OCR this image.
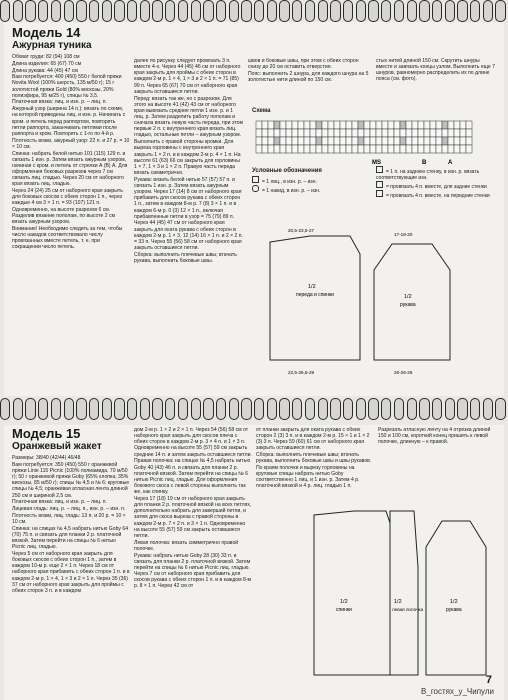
Модель 14
Ажурная туника

Обхват груди: 82 (94) 108 см

Длина изделия: 65 (67) 70 см

Длина рукава: 44 (45) 47 см

Вам потребуется: 400 (450) 550 г белой пряжи Novita Wool (100% шерсть, 135 м/50 г); 15 г золотистой пряжи Gold (80% вискозы, 20% полиэфира, 95 м/25 г), спицы № 3,5.

Платочная вязка: лиц. и изн. р. – лиц. п.

Ажурный узор (ширина 14 п.): вязать по схеме, на которой приведены лиц. и изн. р. Начинать с кром. и петель перед раппортом, повторять петли раппорта, заканчивать петлями после раппорта и кром. Повторять с 1-го по 4-й р.

Плотность вязки, ажурный узор: 22 п. и 27 р. = 10 × 10 см.

Спинка: набрать белой нитью 101 (115) 129 п. и связать 1 изн. р. Затем вязать ажурным узором, начиная с кром. и петель от стрелки А (В) А. Для оформления боковых разрезов через 7 см связать лиц. гладью. Через 20 см от наборного края вязать лиц. гладью.

Через 24 (24) 25 см от наборного края закрыть для боковых скосов с обеих сторон 1 п., через каждые 4 см 3 × 1 п. = 93 (107) 121 п. Одновременно, на высоте разрезов 6 см. Разделив вязание пополам, по высоте 2 см вязать ажурным узором.

Внимание! Необходимо следить за тем, чтобы число накидов соответствовало числу провязанных вместе петель, т. е. при сокращении число петель.

далее по рисунку следует провязать 3 п. вместе 4-х. Через 44 (45) 46 см от наборного края закрыть для проймы с обеих сторон в каждом 2-м р. 1 × 4, 1 × 3 и 2 × 1 п. = 71 (85) 99 п. Через 65 (67) 70 см от наборного края закрыть оставшиеся петли.

Перед: вязать так же, но с разрезом. Для этого на высоте 41 (42) 43 см от наборного края вывязать средние петли 1 изн. р. и 1 лиц. р. Затем разделить работу пополам и сначала вязать левую часть переда, при этом первые 2 п. с внутреннего края вязать лиц. гладью, остальные петли – ажурным узором.

Выполнить с правой стороны кромки. Для выреза горловины с внутреннего края закрыть 1 × 2 п. и в каждом 2-м р. 4 × 1 п. На высоте 61 (63) 66 см закрыть для горловины 1 × 7, 1 × 3 и 1 × 2 п. Правую часть переда вязать симметрично.

Рукава: вязать белой нитью 57 (57) 57 п. и связать 1 изн. р. Затем вязать ажурным узором. Через 17 (14) 8 см от наборного края прибавить для скосов рукава с обеих сторон 1 п., затем в каждом 8-м р. 7 (8) 3 × 1 п. и в каждом 6-м р. 0 (3) 12 × 1 п., включая прибавленные петли в узор = 75 (79) 89 п.

Через 44 (45) 47 см от наборного края закрыть для оката рукава с обеих сторон в каждом 2-м р. 1 × 3, 12 (14) 16 × 1 п. и 2 × 2 п. = 33 п. Через 55 (56) 58 см от наборного края закрыть оставшиеся петли.

Сборка: выполнить плечевые швы; втачать рукава, выполнить боковые швы.

швов и боковые швы, при этом с обеих сторон снизу до 20 см оставить отверстия.

Пояс: выполнить 2 шнура, для каждого шнура на 5 золотистые нити длиной по 150 см.

стых нитей длиной 150 см. Скрутить шнуры вместе и завязать концы узлом. Выполнить еще 7 шнуров, равномерно распределить их по длине пояса (см. фото).

Схема
MS	B	A
Условные обозначения
= 1 лиц., в изн. р. – изн.
= 1 накид, в изн. р. – изн.
= 1 п. на заднюю стенку, в изн. р. вязать соответствующие изн.
= провязать 4 п. вместе, для задние стенки
= провязать 4 п. вместе, на передние стенки
1/2
переда и спинки
20,5-23,5-27
22,5-26,5-29
1/2
рукава
17-18-20
26-26-26
Модель 15
Оранжевый жакет

Размеры: 38/40 (42/44) 46/48

Вам потребуется: 350 (450) 550 г оранжевой пряжи Linie 115 Picnic (100% полиамида, 70 м/50 г); 50 г оранжевой пряжи Goby (65% хлопка, 35% вискозы, 85 м/50 г); спицы № 4,5 и № 6; круговые спицы № 4,5; оранжевая атласная лента длиной 250 см и шириной 2,5 см.

Платочная вязка: лиц. и изн. р. – лиц. п.

Лицевая гладь: лиц. р. – лиц. п., изн. р. – изн. п.

Плотность вязки, лиц. гладь: 13 п. и 20 р. = 10 × 10 см.

Спинка: на спицах № 4,5 набрать нитью Goby 64 (70) 75 п. и связать для планки 2 р. платочной вязкой. Затем перейти на спицы № 6 нитью Picnic лиц. гладью.

Через 5 см от наборного края закрыть для боковых скосов с обеих сторон 1 п., затем в каждом 10-м р. еще 2 × 1 п. Через 18 см от наборного края прибавить с обеих сторон 1 п. и в каждом 2-м р. 1 × 4, 1 × 3 и 2 × 1 п. Через 35 (36) 37 см от наборного края закрыть для проймы с обеих сторон 3 п. и в каждом

дом 2-м р. 1 × 2 и 2 × 1 п. Через 54 (56) 58 см от наборного края закрыть для скосов плеча с обеих сторон в каждом 2-м р. 3 × 4 п. и 1 × 3 п. Одновременно на высоте 55 (57) 59 см закрыть средние 14 п. и затем закрыть оставшиеся петли.

Правая полочка: на спицах № 4,5 набрать нитью Goby 40 (43) 46 п. и связать для планки 2 р. платочной вязкой. Затем перейти на спицы № 6 нитью Picnic лиц. гладью. Для оформления бокового скоса с левой стороны выполнить так же, как спинку.

Через 17 (18) 19 см от наборного края закрыть для планки 2 р. платочной вязкой на всех петлях, дополнительно набрать для заверший петли, и затем для скоса выреза с правой стороны в каждом 2-м р. 7 × 2 п. и 3 × 1 п. Одновременно на высоте 55 (57) 59 см закрыть оставшиеся петли.

Левая полочка: вязать симметрично правой полочке.

Рукава: набрать нитью Goby 28 (30) 33 п. и связать для планки 2 р. платочной вязкой. Затем перейти на спицы № 6 нитью Picnic лиц. гладью. Через 7 см от наборного края прибавить для скосов рукава с обеих сторон 1 п. и в каждом 8-м р. 8 × 1 п. Через 42 см от

от планки закрыть для оката рукава с обеих сторон 2 (3) 3 п. и в каждом 2-м р. 15 × 1 и 1 × 2 (3) 3 п. Через 59 (60) 61 см от наборного края закрыть оставшиеся петли.

Сборка: выполнить плечевые швы; втачать рукава, выполнить боковые швы и швы рукавов. По краям полочки и вырезу горловины на круговые спицы набрать нитью Goby соответственно 1 лиц. и 1 изн. р. Затем 4 р. платочной вязкой и 4 р. лиц. гладью 1 п.

Разрезать атласную ленту на 4 отрезка длиной 150 и 100 см, короткий конец пришить к левой полочке, длинную – к правой.

1/2
спинки
1/2
левая полочка
1/2
рукава
7
В_гостях_у_Чипули
